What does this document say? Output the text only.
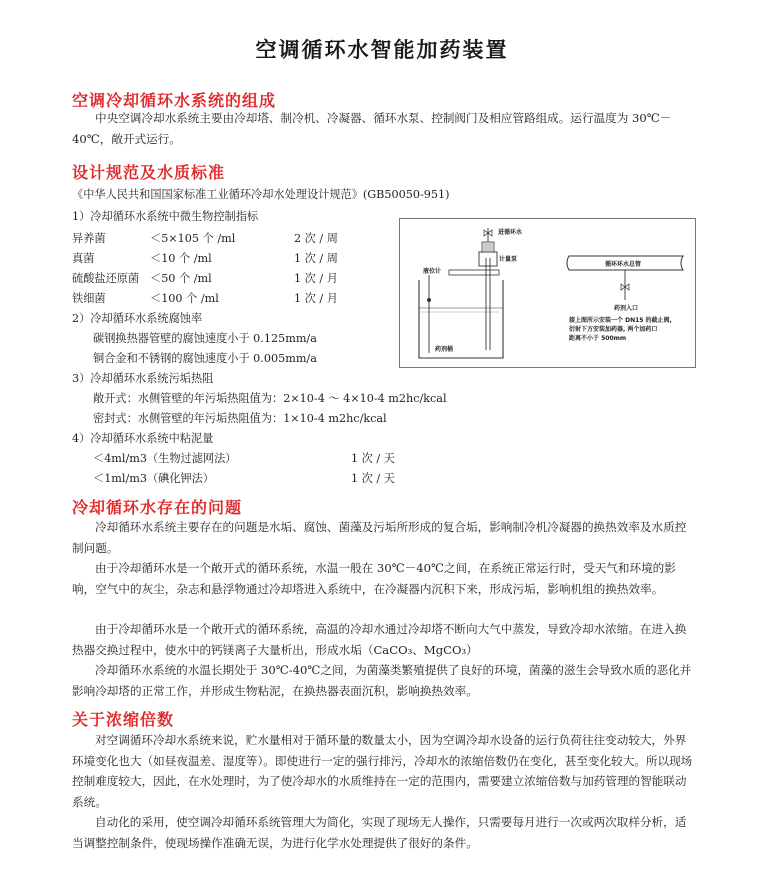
空调循环水智能加药装置
空调冷却循环水系统的组成

中央空调冷却水系统主要由冷却塔、制冷机、冷凝器、循环水泵、控制阀门及相应管路组成。运行温度为 30℃－40℃，敞开式运行。

设计规范及水质标准
《中华人民共和国国家标准工业循环冷却水处理设计规范》(GB50050-951)
1）冷却循环水系统中微生物控制指标
异养菌	＜5×105 个 /ml	2 次 / 周
真菌	＜10 个 /ml	1 次 / 周
硫酸盐还原菌 ＜50 个 /ml	1 次 / 月
铁细菌	＜100 个 /ml	1 次 / 月
2）冷却循环水系统腐蚀率
碳钢换热器管壁的腐蚀速度小于 0.125mm/a
铜合金和不锈钢的腐蚀速度小于 0.005mm/a
3）冷却循环水系统污垢热阻
敞开式：水侧管壁的年污垢热阻值为：2×10-4 ～ 4×10-4 m2hc/kcal
密封式：水侧管壁的年污垢热阻值为：1×10-4 m2hc/kcal
4）冷却循环水系统中粘泥量
＜4ml/m3（生物过滤网法）	1 次 / 天
＜1ml/m3（碘化钾法）	1 次 / 天
进循环水
计量泵
液位计
药剂桶
循环环水总管
药剂入口
接上图所示安装一个 DN15 的截止阀,
衍射下方安装加药器, 两个加药口
距离不小于 500mm
冷却循环水存在的问题

冷却循环水系统主要存在的问题是水垢、腐蚀、菌藻及污垢所形成的复合垢，影响制冷机冷凝器的换热效率及水质控制问题。

由于冷却循环水是一个敞开式的循环系统，水温一般在 30℃－40℃之间，在系统正常运行时，受天气和环境的影响，空气中的灰尘，杂志和悬浮物通过冷却塔进入系统中，在冷凝器内沉积下来，形成污垢，影响机组的换热效率。

由于冷却循环水是一个敞开式的循环系统，高温的冷却水通过冷却塔不断向大气中蒸发，导致冷却水浓缩。在进入换热器交换过程中，使水中的钙镁离子大量析出，形成水垢（CaCO₃、MgCO₃）

冷却循环水系统的水温长期处于 30℃-40℃之间，为菌藻类繁殖提供了良好的环境，菌藻的滋生会导致水质的恶化并影响冷却塔的正常工作，并形成生物粘泥，在换热器表面沉积，影响换热效率。

关于浓缩倍数

对空调循环冷却水系统来说，贮水量相对于循环量的数量太小，因为空调冷却水设备的运行负荷往往变动较大，外界环境变化也大（如昼夜温差、湿度等）。即使进行一定的强行排污，冷却水的浓缩倍数仍在变化，甚至变化较大。所以现场控制难度较大，因此，在水处理时，为了使冷却水的水质维持在一定的范围内，需要建立浓缩倍数与加药管理的智能联动系统。

自动化的采用，使空调冷却循环系统管理大为简化，实现了现场无人操作，只需要每月进行一次或两次取样分析，适当调整控制条件，使现场操作准确无误，为进行化学水处理提供了很好的条件。
